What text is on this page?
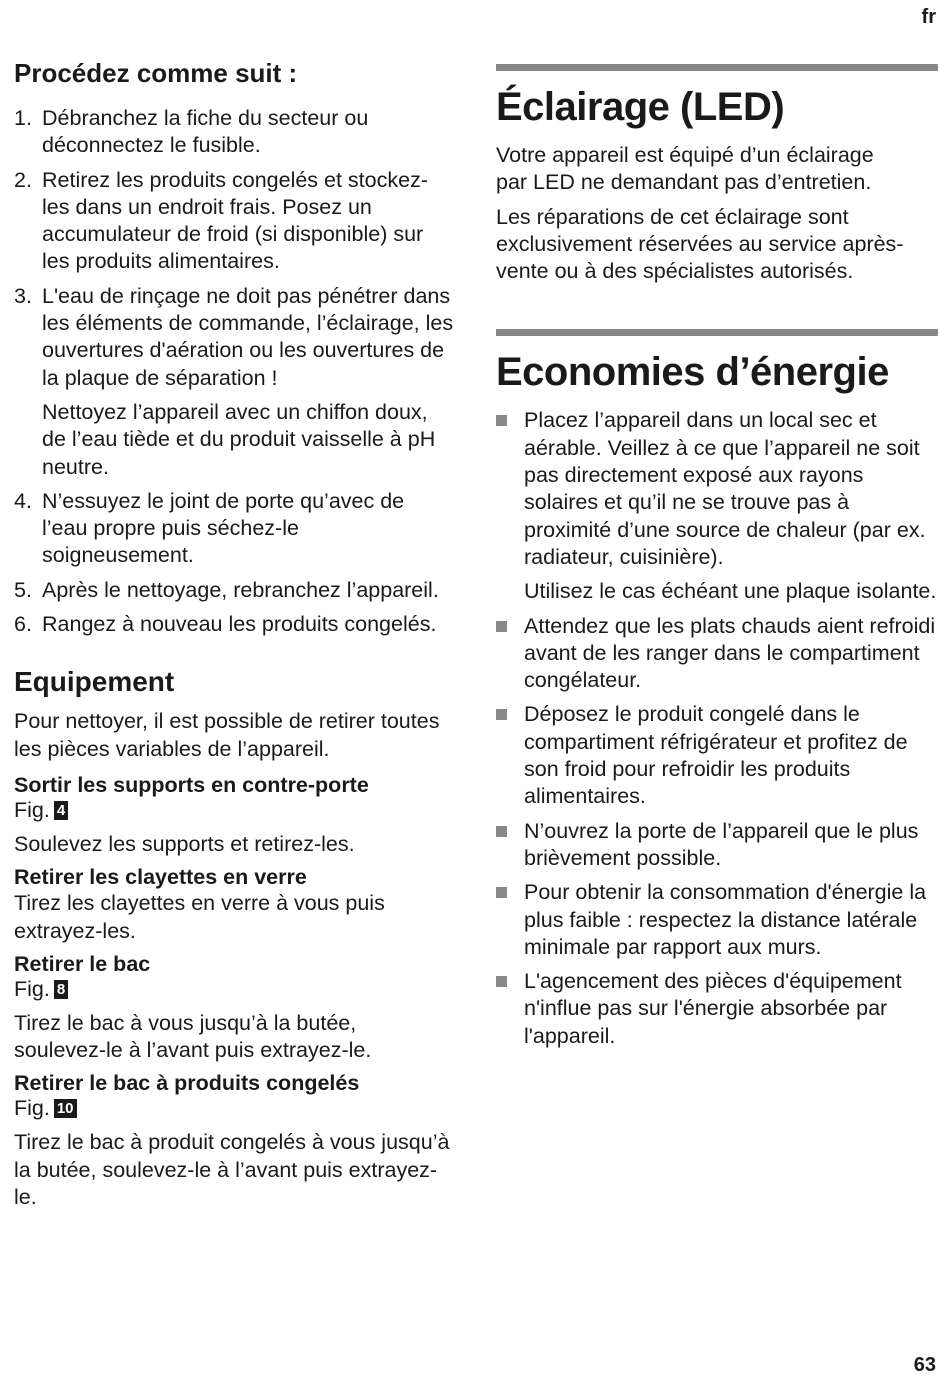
fr
Procédez comme suit :
1. Débranchez la fiche du secteur ou déconnectez le fusible.
2. Retirez les produits congelés et stockez-les dans un endroit frais. Posez un accumulateur de froid (si disponible) sur les produits alimentaires.
3. L'eau de rinçage ne doit pas pénétrer dans les éléments de commande, l’éclairage, les ouvertures d'aération ou les ouvertures de la plaque de séparation !
Nettoyez l’appareil avec un chiffon doux, de l’eau tiède et du produit vaisselle à pH neutre.
4. N’essuyez le joint de porte qu’avec de l’eau propre puis séchez-le soigneusement.
5. Après le nettoyage, rebranchez l’appareil.
6. Rangez à nouveau les produits congelés.
Equipement

Pour nettoyer, il est possible de retirer toutes les pièces variables de l’appareil.

Sortir les supports en contre-porte

Fig. 4

Soulevez les supports et retirez-les.

Retirer les clayettes en verre

Tirez les clayettes en verre à vous puis extrayez-les.

Retirer le bac

Fig. 8

Tirez le bac à vous jusqu’à la butée, soulevez-le à l’avant puis extrayez-le.

Retirer le bac à produits congelés

Fig. 10

Tirez le bac à produit congelés à vous jusqu’à la butée, soulevez-le à l’avant puis extrayez-le.

Éclairage (LED)

Votre appareil est équipé d’un éclairage par LED ne demandant pas d’entretien.

Les réparations de cet éclairage sont exclusivement réservées au service après-vente ou à des spécialistes autorisés.

Economies d’énergie
Placez l’appareil dans un local sec et aérable. Veillez à ce que l’appareil ne soit pas directement exposé aux rayons solaires et qu’il ne se trouve pas à proximité d’une source de chaleur (par ex. radiateur, cuisinière).
Utilisez le cas échéant une plaque isolante.
Attendez que les plats chauds aient refroidi avant de les ranger dans le compartiment congélateur.
Déposez le produit congelé dans le compartiment réfrigérateur et profitez de son froid pour refroidir les produits alimentaires.
N’ouvrez la porte de l’appareil que le plus brièvement possible.
Pour obtenir la consommation d'énergie la plus faible : respectez la distance latérale minimale par rapport aux murs.
L'agencement des pièces d'équipement n'influe pas sur l'énergie absorbée par l'appareil.
63
